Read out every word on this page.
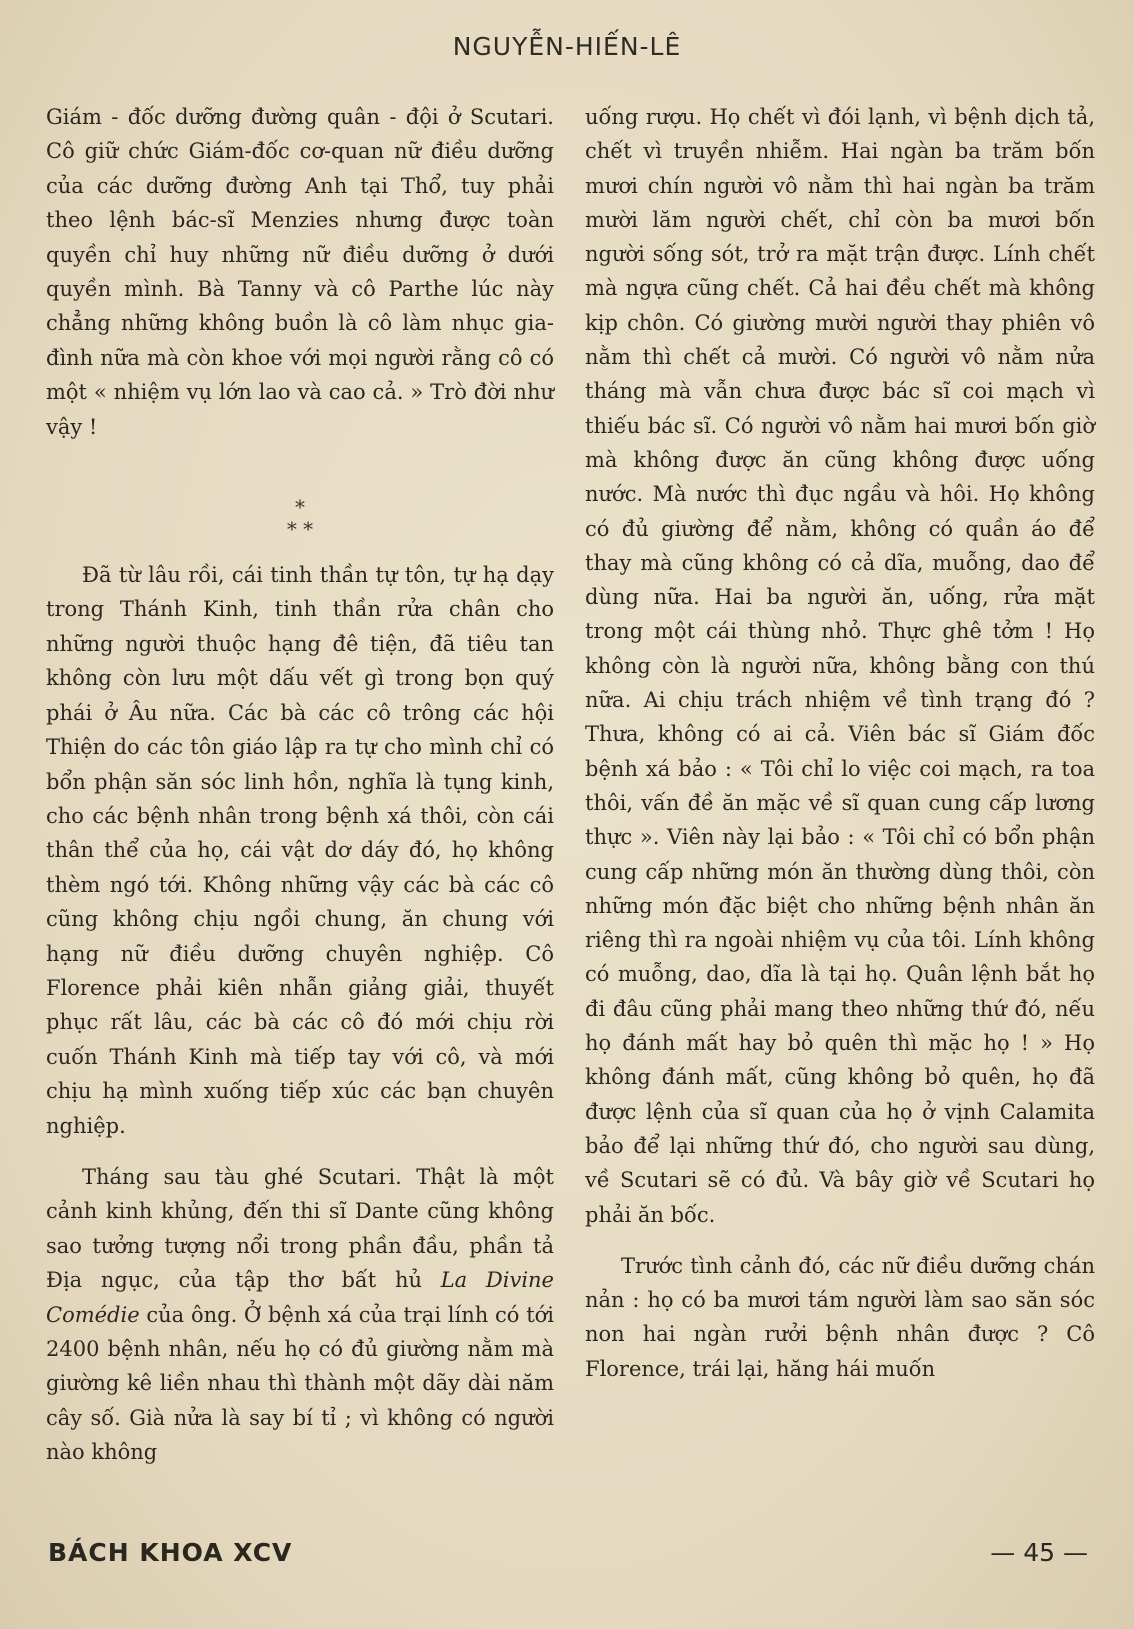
NGUYỄN-HIẾN-LÊ

Giám - đốc dưỡng đường quân - đội ở Scutari. Cô giữ chức Giám-đốc cơ-quan nữ điều dưỡng của các dưỡng đường Anh tại Thổ, tuy phải theo lệnh bác-sĩ Menzies nhưng được toàn quyền chỉ huy những nữ điều dưỡng ở dưới quyền mình. Bà Tanny và cô Parthe lúc này chẳng những không buồn là cô làm nhục gia-đình nữa mà còn khoe với mọi người rằng cô có một « nhiệm vụ lớn lao và cao cả. » Trò đời như vậy !

*
* *

Đã từ lâu rồi, cái tinh thần tự tôn, tự hạ dạy trong Thánh Kinh, tinh thần rửa chân cho những người thuộc hạng đê tiện, đã tiêu tan không còn lưu một dấu vết gì trong bọn quý phái ở Âu nữa. Các bà các cô trông các hội Thiện do các tôn giáo lập ra tự cho mình chỉ có bổn phận săn sóc linh hồn, nghĩa là tụng kinh, cho các bệnh nhân trong bệnh xá thôi, còn cái thân thể của họ, cái vật dơ dáy đó, họ không thèm ngó tới. Không những vậy các bà các cô cũng không chịu ngồi chung, ăn chung với hạng nữ điều dưỡng chuyên nghiệp. Cô Florence phải kiên nhẫn giảng giải, thuyết phục rất lâu, các bà các cô đó mới chịu rời cuốn Thánh Kinh mà tiếp tay với cô, và mới chịu hạ mình xuống tiếp xúc các bạn chuyên nghiệp.

Tháng sau tàu ghé Scutari. Thật là một cảnh kinh khủng, đến thi sĩ Dante cũng không sao tưởng tượng nổi trong phần đầu, phần tả Địa ngục, của tập thơ bất hủ La Divine Comédie của ông. Ở bệnh xá của trại lính có tới 2400 bệnh nhân, nếu họ có đủ giường nằm mà giường kê liền nhau thì thành một dãy dài năm cây số. Già nửa là say bí tỉ ; vì không có người nào không

uống rượu. Họ chết vì đói lạnh, vì bệnh dịch tả, chết vì truyền nhiễm. Hai ngàn ba trăm bốn mươi chín người vô nằm thì hai ngàn ba trăm mười lăm người chết, chỉ còn ba mươi bốn người sống sót, trở ra mặt trận được. Lính chết mà ngựa cũng chết. Cả hai đều chết mà không kịp chôn. Có giường mười người thay phiên vô nằm thì chết cả mười. Có người vô nằm nửa tháng mà vẫn chưa được bác sĩ coi mạch vì thiếu bác sĩ. Có người vô nằm hai mươi bốn giờ mà không được ăn cũng không được uống nước. Mà nước thì đục ngầu và hôi. Họ không có đủ giường để nằm, không có quần áo để thay mà cũng không có cả dĩa, muỗng, dao để dùng nữa. Hai ba người ăn, uống, rửa mặt trong một cái thùng nhỏ. Thực ghê tởm ! Họ không còn là người nữa, không bằng con thú nữa. Ai chịu trách nhiệm về tình trạng đó ? Thưa, không có ai cả. Viên bác sĩ Giám đốc bệnh xá bảo : « Tôi chỉ lo việc coi mạch, ra toa thôi, vấn đề ăn mặc về sĩ quan cung cấp lương thực ». Viên này lại bảo : « Tôi chỉ có bổn phận cung cấp những món ăn thường dùng thôi, còn những món đặc biệt cho những bệnh nhân ăn riêng thì ra ngoài nhiệm vụ của tôi. Lính không có muỗng, dao, dĩa là tại họ. Quân lệnh bắt họ đi đâu cũng phải mang theo những thứ đó, nếu họ đánh mất hay bỏ quên thì mặc họ ! » Họ không đánh mất, cũng không bỏ quên, họ đã được lệnh của sĩ quan của họ ở vịnh Calamita bảo để lại những thứ đó, cho người sau dùng, về Scutari sẽ có đủ. Và bây giờ về Scutari họ phải ăn bốc.

Trước tình cảnh đó, các nữ điều dưỡng chán nản : họ có ba mươi tám người làm sao săn sóc non hai ngàn rưởi bệnh nhân được ? Cô Florence, trái lại, hăng hái muốn

BÁCH KHOA XCV	— 45 —
